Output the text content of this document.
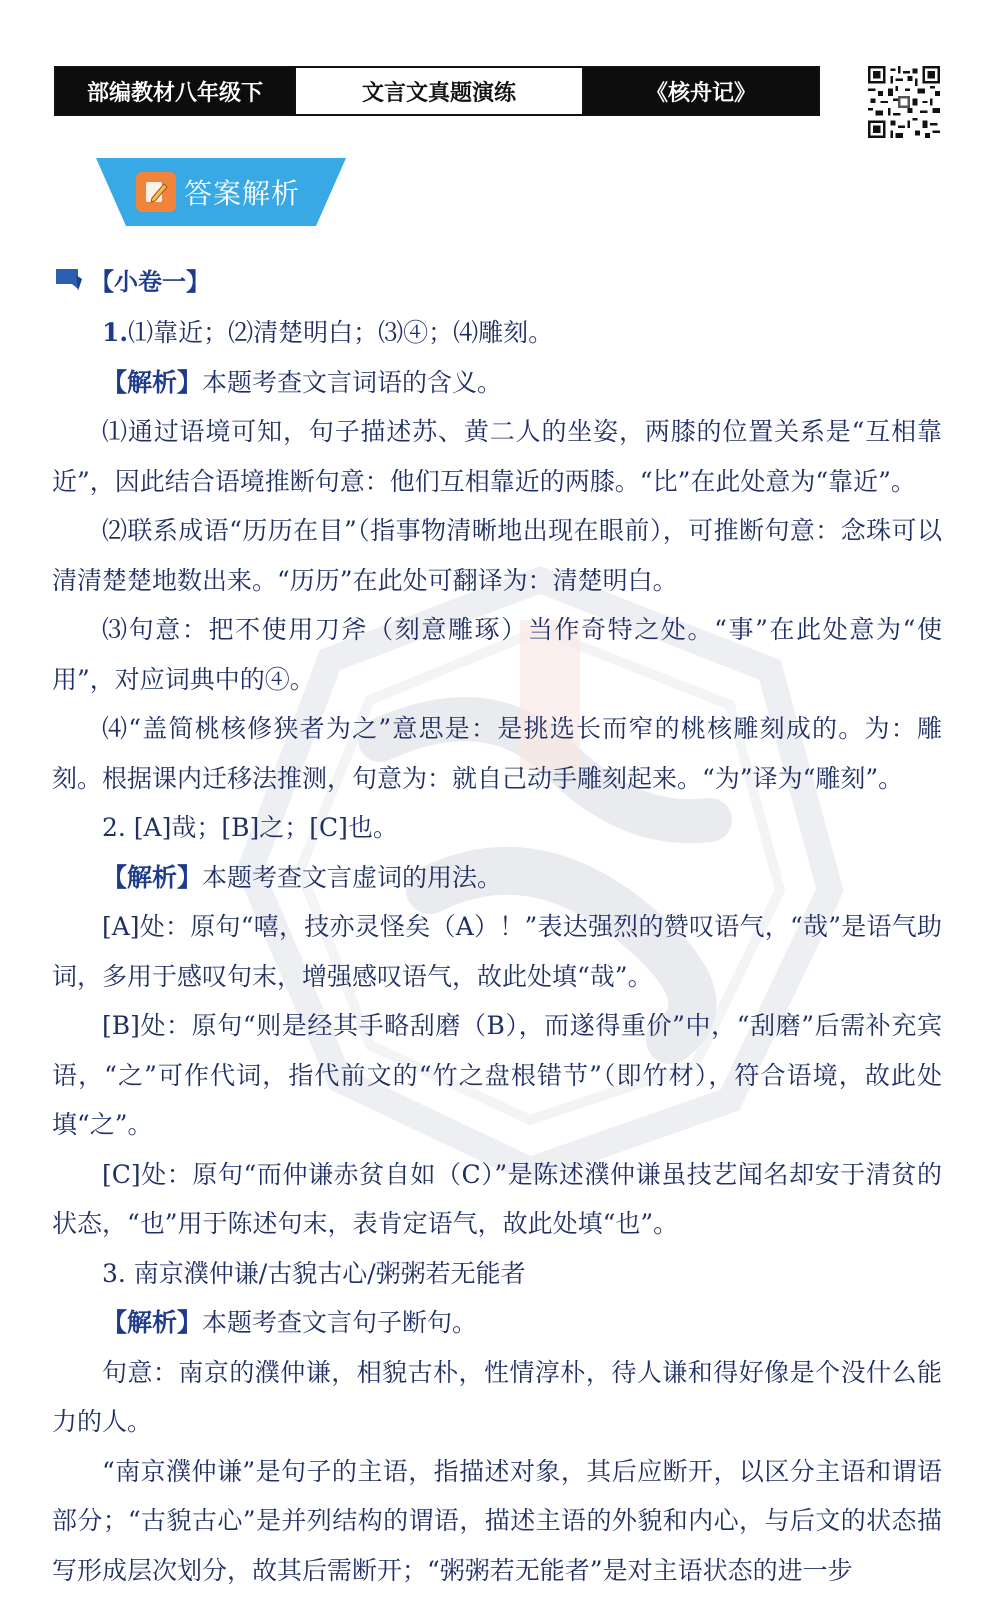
部编教材八年级下	文言文真题演练	《核舟记》
答案解析
【小卷一】

1.⑴靠近；⑵清楚明白；⑶④；⑷雕刻。

【解析】本题考查文言词语的含义。

⑴通过语境可知，句子描述苏、黄二人的坐姿，两膝的位置关系是“互相靠近”，因此结合语境推断句意：他们互相靠近的两膝。“比”在此处意为“靠近”。

⑵联系成语“历历在目”（指事物清晰地出现在眼前），可推断句意：念珠可以清清楚楚地数出来。“历历”在此处可翻译为：清楚明白。

⑶句意：把不使用刀斧（刻意雕琢）当作奇特之处。“事”在此处意为“使用”，对应词典中的④。

⑷“盖简桃核修狭者为之”意思是：是挑选长而窄的桃核雕刻成的。为：雕刻。根据课内迁移法推测，句意为：就自己动手雕刻起来。“为”译为“雕刻”。

2. [A]哉；[B]之；[C]也。

【解析】本题考查文言虚词的用法。

[A]处：原句“嘻，技亦灵怪矣（A）！”表达强烈的赞叹语气，“哉”是语气助词，多用于感叹句末，增强感叹语气，故此处填“哉”。

[B]处：原句“则是经其手略刮磨（B），而遂得重价”中，“刮磨”后需补充宾语，“之”可作代词，指代前文的“竹之盘根错节”（即竹材），符合语境，故此处填“之”。

[C]处：原句“而仲谦赤贫自如（C）”是陈述濮仲谦虽技艺闻名却安于清贫的状态，“也”用于陈述句末，表肯定语气，故此处填“也”。

3. 南京濮仲谦/古貌古心/粥粥若无能者

【解析】本题考查文言句子断句。

句意：南京的濮仲谦，相貌古朴，性情淳朴，待人谦和得好像是个没什么能力的人。

“南京濮仲谦”是句子的主语，指描述对象，其后应断开，以区分主语和谓语部分；“古貌古心”是并列结构的谓语，描述主语的外貌和内心，与后文的状态描写形成层次划分，故其后需断开；“粥粥若无能者”是对主语状态的进一步
